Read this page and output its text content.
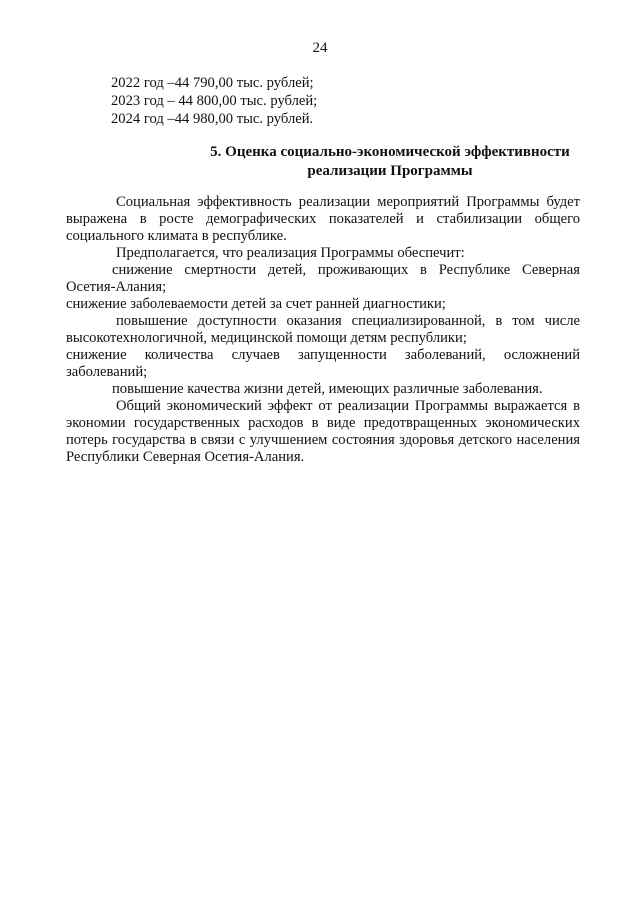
24
2022 год –44 790,00 тыс. рублей;
2023 год – 44 800,00 тыс. рублей;
2024 год –44 980,00 тыс. рублей.
5. Оценка социально-экономической эффективности
реализации Программы

Социальная эффективность реализации мероприятий Программы будет выражена в росте демографических показателей и стабилизации общего социального климата в республике.

Предполагается, что реализация Программы обеспечит:

снижение смертности детей, проживающих в Республике Северная Осетия-Алания;

снижение заболеваемости детей за счет ранней диагностики;

повышение доступности оказания специализированной, в том числе высокотехнологичной, медицинской помощи детям республики;

снижение количества случаев запущенности заболеваний, осложнений заболеваний;

повышение качества жизни детей, имеющих различные заболевания.

Общий экономический эффект от реализации Программы выражается в экономии государственных расходов в виде предотвращенных экономических потерь государства в связи с улучшением состояния здоровья детского населения Республики Северная Осетия-Алания.
